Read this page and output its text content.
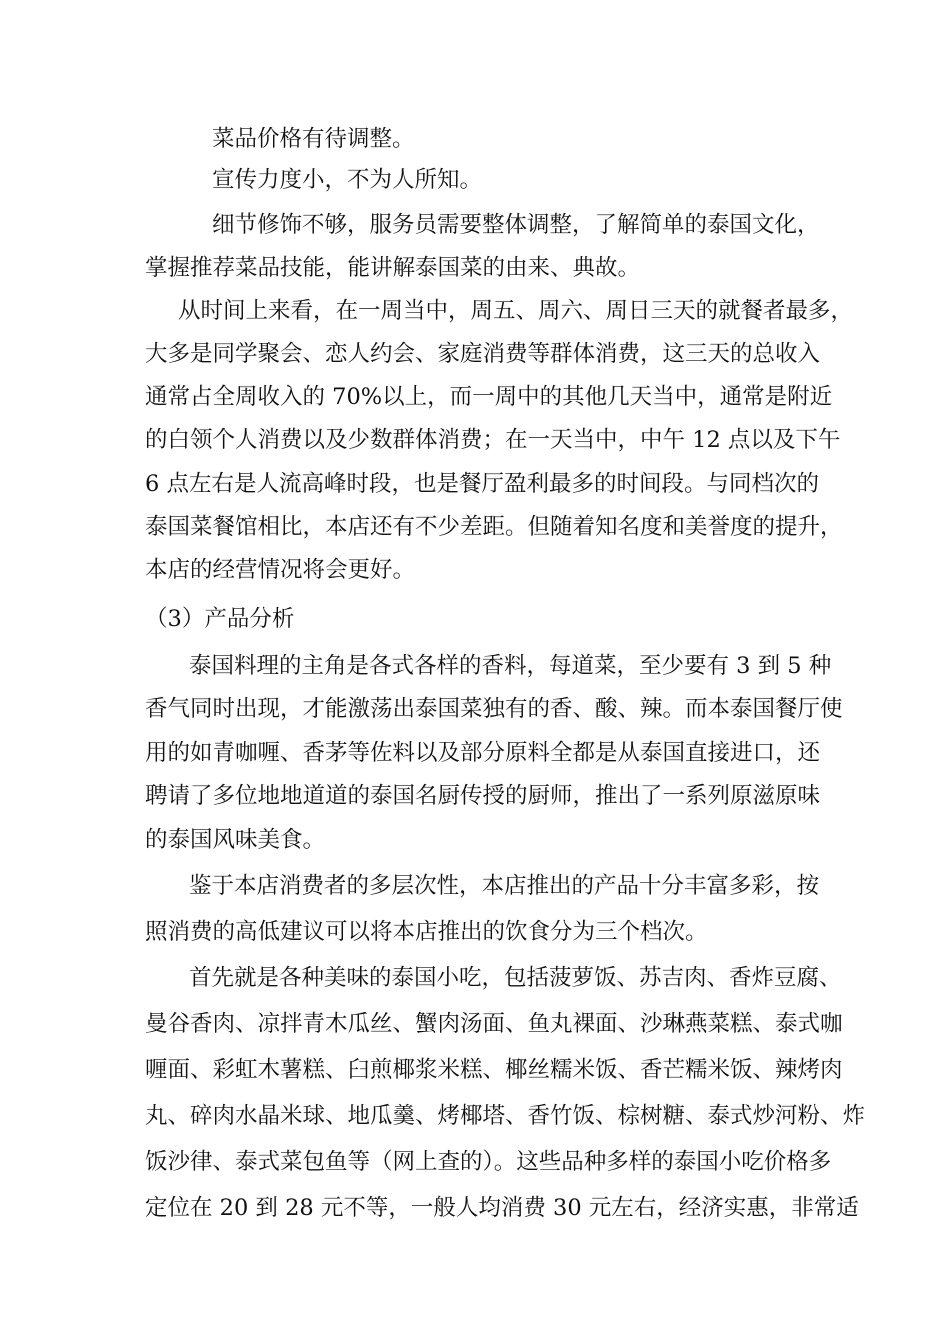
菜品价格有待调整。
宣传力度小，不为人所知。
细节修饰不够，服务员需要整体调整，了解简单的泰国文化，
掌握推荐菜品技能，能讲解泰国菜的由来、典故。
从时间上来看，在一周当中，周五、周六、周日三天的就餐者最多，
大多是同学聚会、恋人约会、家庭消费等群体消费，这三天的总收入
通常占全周收入的 70%以上，而一周中的其他几天当中，通常是附近
的白领个人消费以及少数群体消费；在一天当中，中午 12 点以及下午
6 点左右是人流高峰时段，也是餐厅盈利最多的时间段。与同档次的
泰国菜餐馆相比，本店还有不少差距。但随着知名度和美誉度的提升，
本店的经营情况将会更好。
（3）产品分析
泰国料理的主角是各式各样的香料，每道菜，至少要有 3 到 5 种
香气同时出现，才能激荡出泰国菜独有的香、酸、辣。而本泰国餐厅使
用的如青咖喱、香茅等佐料以及部分原料全都是从泰国直接进口，还
聘请了多位地地道道的泰国名厨传授的厨师，推出了一系列原滋原味
的泰国风味美食。
鉴于本店消费者的多层次性，本店推出的产品十分丰富多彩，按
照消费的高低建议可以将本店推出的饮食分为三个档次。
首先就是各种美味的泰国小吃，包括菠萝饭、苏吉肉、香炸豆腐、
曼谷香肉、凉拌青木瓜丝、蟹肉汤面、鱼丸裸面、沙琳燕菜糕、泰式咖
喱面、彩虹木薯糕、臼煎椰浆米糕、椰丝糯米饭、香芒糯米饭、辣烤肉
丸、碎肉水晶米球、地瓜羹、烤椰塔、香竹饭、棕树糖、泰式炒河粉、炸
饭沙律、泰式菜包鱼等（网上查的）。这些品种多样的泰国小吃价格多
定位在 20 到 28 元不等，一般人均消费 30 元左右，经济实惠，非常适
